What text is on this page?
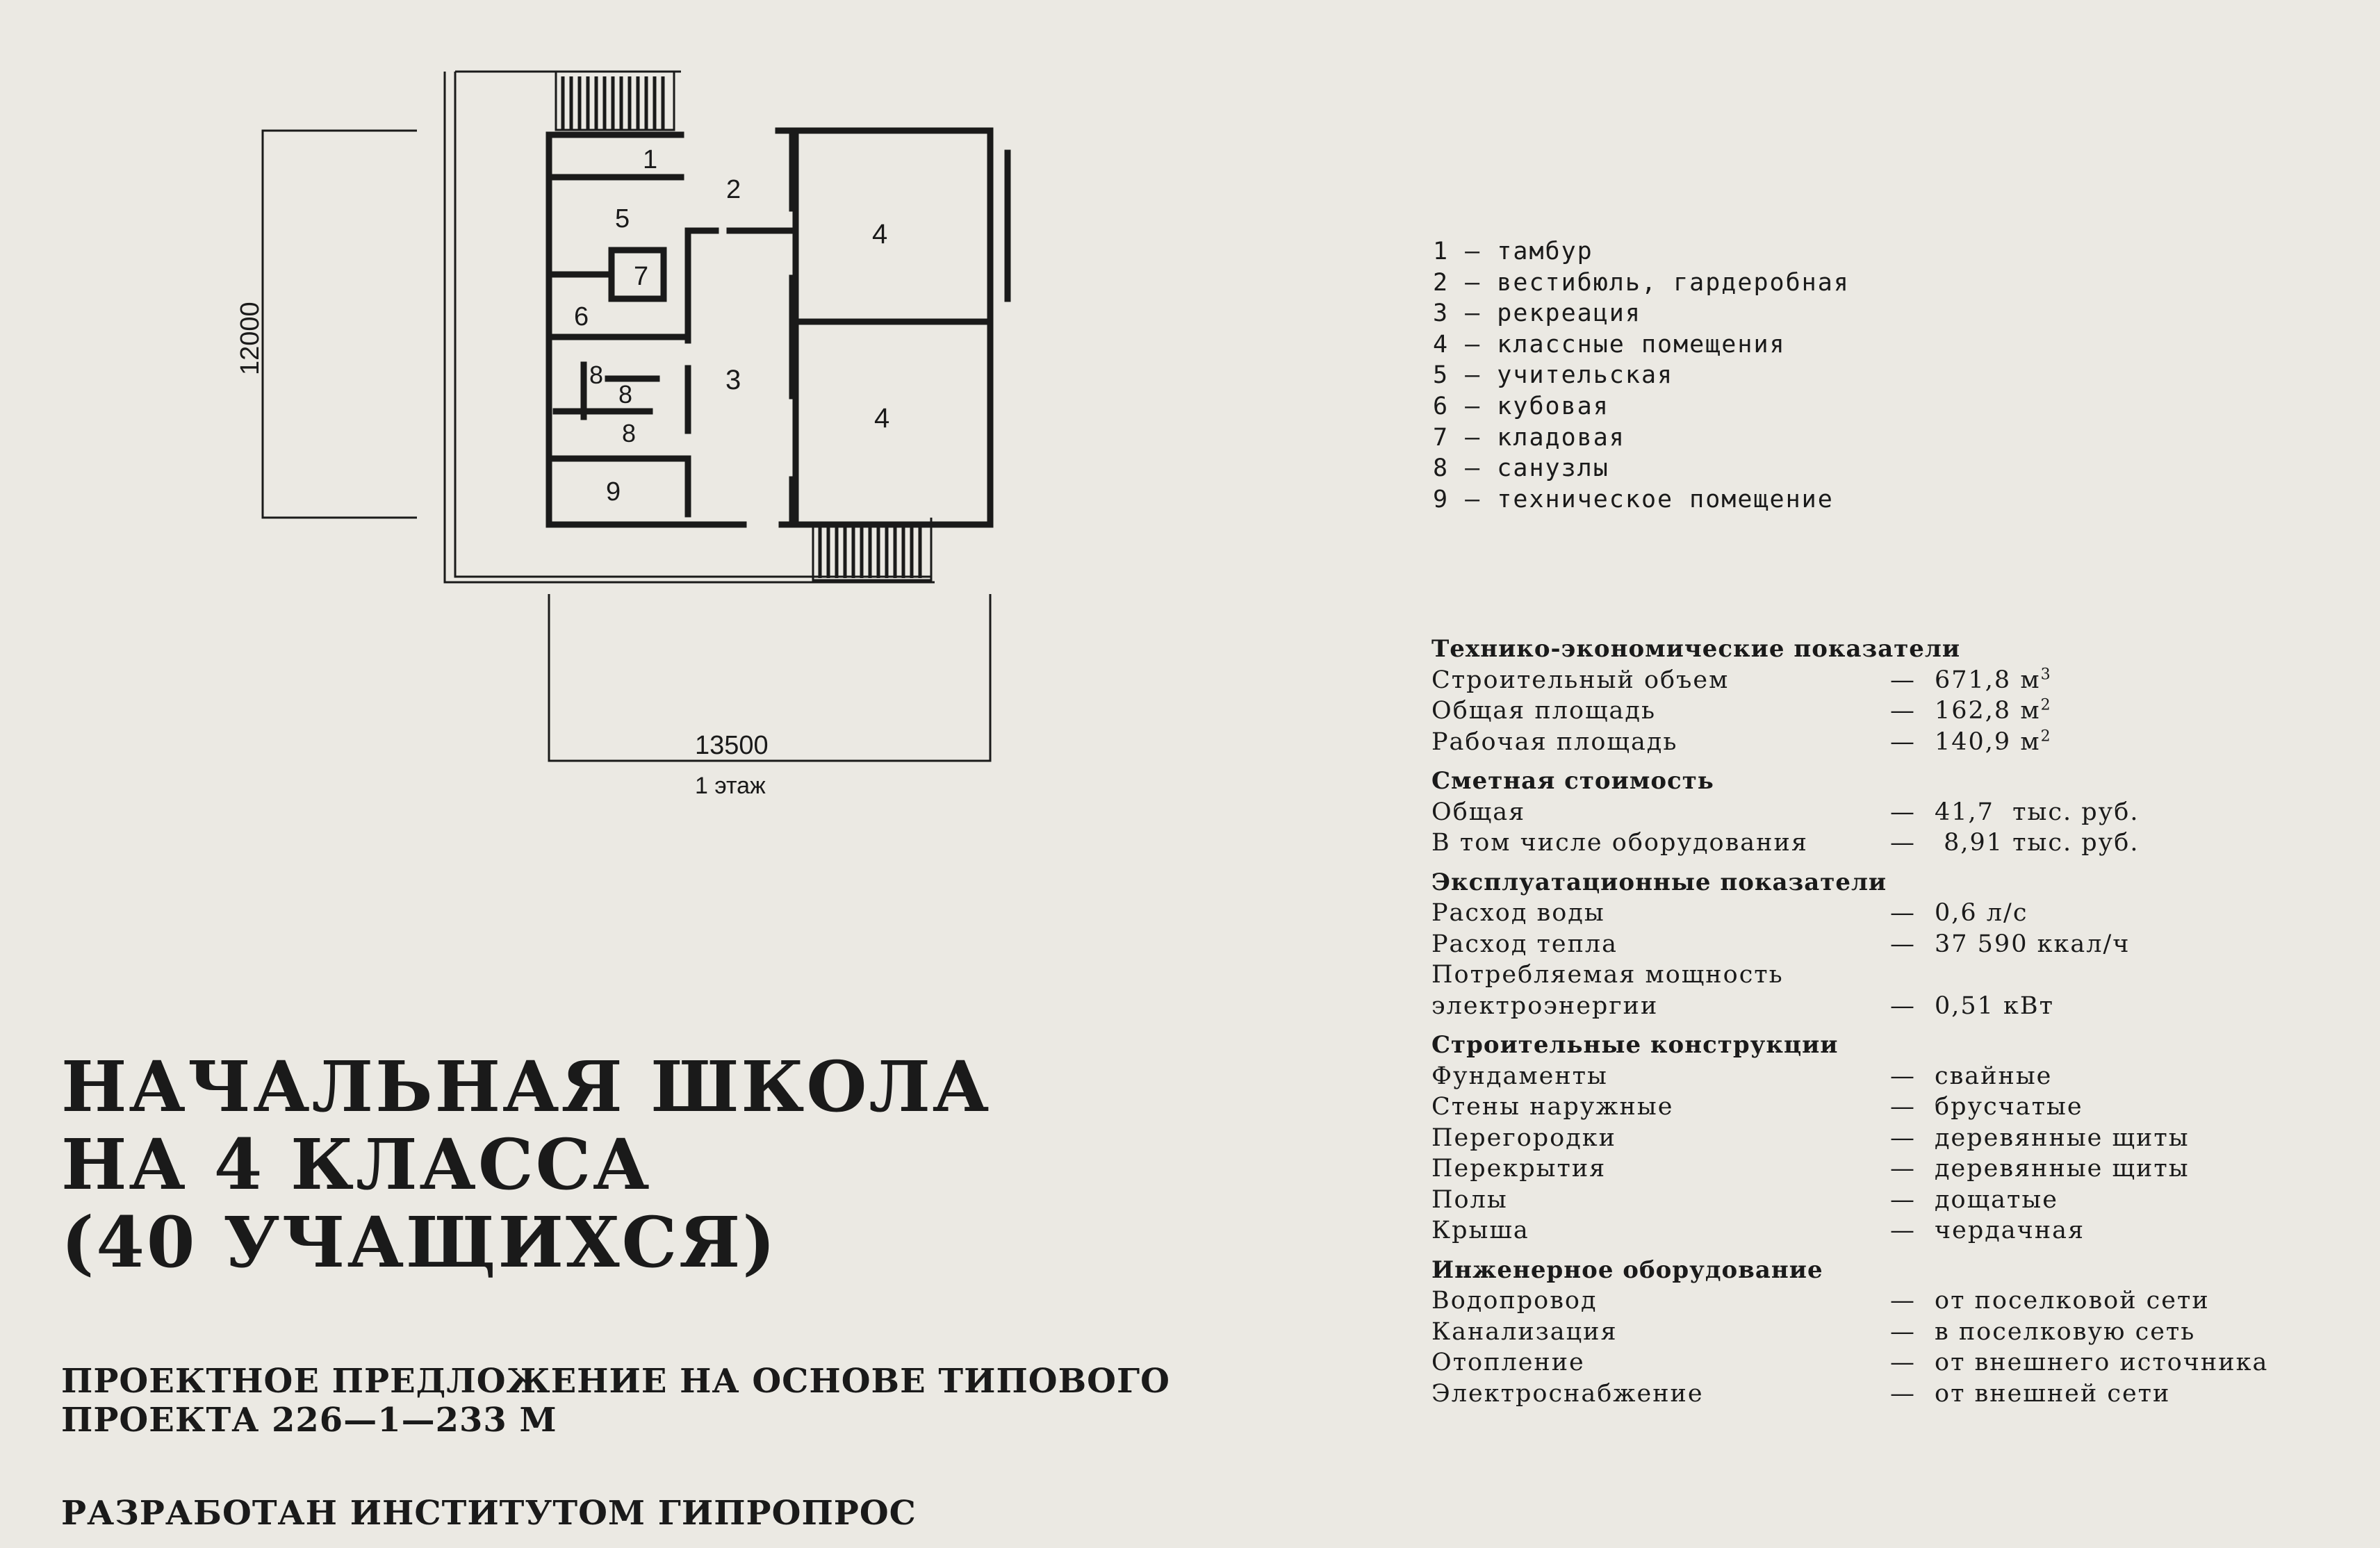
1
2
5
7
4
6
3
8
8
8	4
9
12000
13500
1 этаж
1 — тамбур
2 — вестибюль, гардеробная
3 — рекреация
4 — классные помещения
5 — учительская
6 — кубовая
7 — кладовая
8 — санузлы
9 — техническое помещение
Технико-экономические показатели
Строительный объем	— 671,8 $м^3$
Общая площадь	— 162,8 $м^2$
Рабочая площадь	— 140,9 $м^2$
Сметная стоимость
Общая	— 41,7  тыс. руб.
В том числе оборудования	— 8,91 тыс. руб.
Эксплуатационные показатели
Расход воды	— 0,6 л/с
Расход тепла	— 37 590 ккал/ч
Потребляемая мощность
электроэнергии	— 0,51 кВт
Строительные конструкции
Фундаменты	— свайные
Стены наружные	— брусчатые
Перегородки	— деревянные щиты
Перекрытия	— деревянные щиты
Полы	— дощатые
Крыша	— чердачная
Инженерное оборудование
Водопровод	— от поселковой сети
Канализация	— в поселковую сеть
Отопление	— от внешнего источника
Электроснабжение	— от внешней сети
НАЧАЛЬНАЯ ШКОЛА
НА 4 КЛАССА
(40 УЧАЩИХСЯ)
ПРОЕКТНОЕ ПРЕДЛОЖЕНИЕ НА ОСНОВЕ ТИПОВОГО
ПРОЕКТА 226—1—233 М
РАЗРАБОТАН ИНСТИТУТОМ ГИПРОПРОС
